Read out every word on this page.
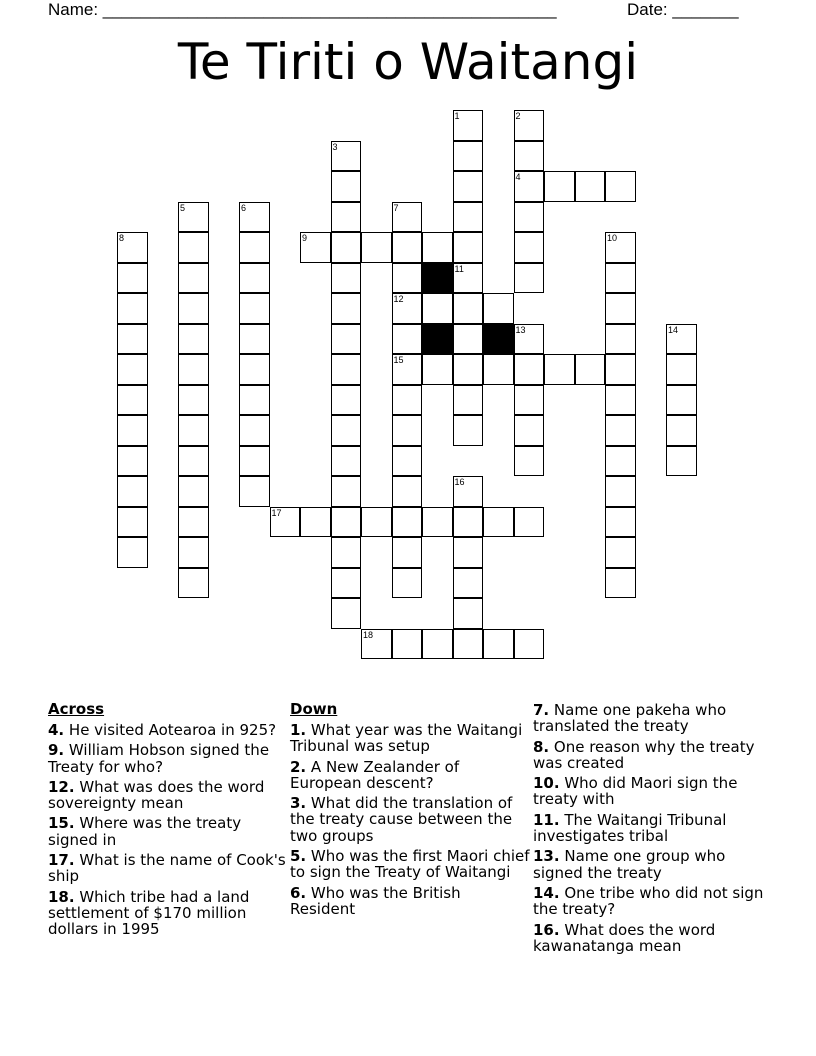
Name: ________________________________________________	Date: _______
Te Tiriti o Waitangi
1	2
3
4
5	6	7
8	9	10
11
12
13	14
15
16
17
18
Across
4. He visited Aotearoa in 925?
9. William Hobson signed the Treaty for who?
12. What was does the word sovereignty mean
15. Where was the treaty signed in
17. What is the name of Cook's ship
18. Which tribe had a land settlement of $170 million dollars in 1995
Down
1. What year was the Waitangi Tribunal was setup
2. A New Zealander of European descent?
3. What did the translation of the treaty cause between the two groups
5. Who was the first Maori chief to sign the Treaty of Waitangi
6. Who was the British Resident
7. Name one pakeha who translated the treaty
8. One reason why the treaty was created
10. Who did Maori sign the treaty with
11. The Waitangi Tribunal investigates tribal
13. Name one group who signed the treaty
14. One tribe who did not sign the treaty?
16. What does the word kawanatanga mean
